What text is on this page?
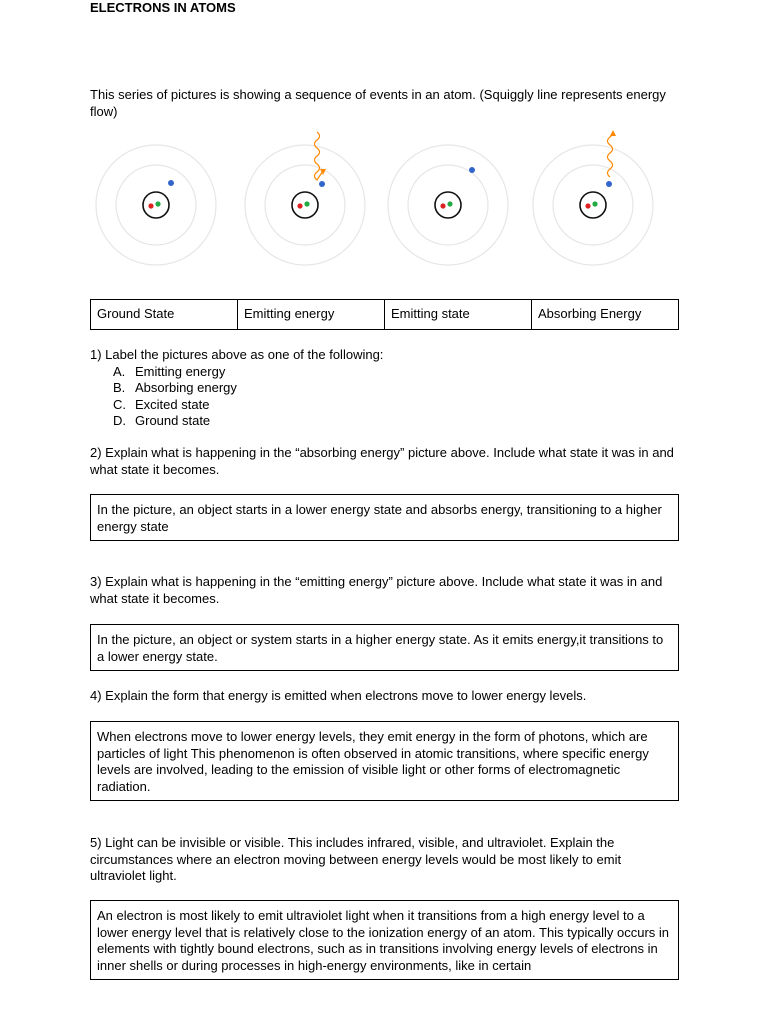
ELECTRONS IN ATOMS
This series of pictures is showing a sequence of events in an atom. (Squiggly line represents energy flow)
Ground State	Emitting energy	Emitting state	Absorbing Energy
1) Label the pictures above as one of the following:
A. Emitting energy
B. Absorbing energy
C. Excited state
D. Ground state
2) Explain what is happening in the “absorbing energy” picture above. Include what state it was in and what state it becomes.
In the picture, an object starts in a lower energy state and absorbs energy, transitioning to a higher energy state
3) Explain what is happening in the “emitting energy” picture above. Include what state it was in and what state it becomes.
In the picture, an object or system starts in a higher energy state. As it emits energy,it transitions to a lower energy state.
4) Explain the form that energy is emitted when electrons move to lower energy levels.
When electrons move to lower energy levels, they emit energy in the form of photons, which are particles of light This phenomenon is often observed in atomic transitions, where specific energy levels are involved, leading to the emission of visible light or other forms of electromagnetic radiation.
5) Light can be invisible or visible. This includes infrared, visible, and ultraviolet. Explain the circumstances where an electron moving between energy levels would be most likely to emit ultraviolet light.
An electron is most likely to emit ultraviolet light when it transitions from a high energy level to a lower energy level that is relatively close to the ionization energy of an atom. This typically occurs in elements with tightly bound electrons, such as in transitions involving energy levels of electrons in inner shells or during processes in high-energy environments, like in certain
